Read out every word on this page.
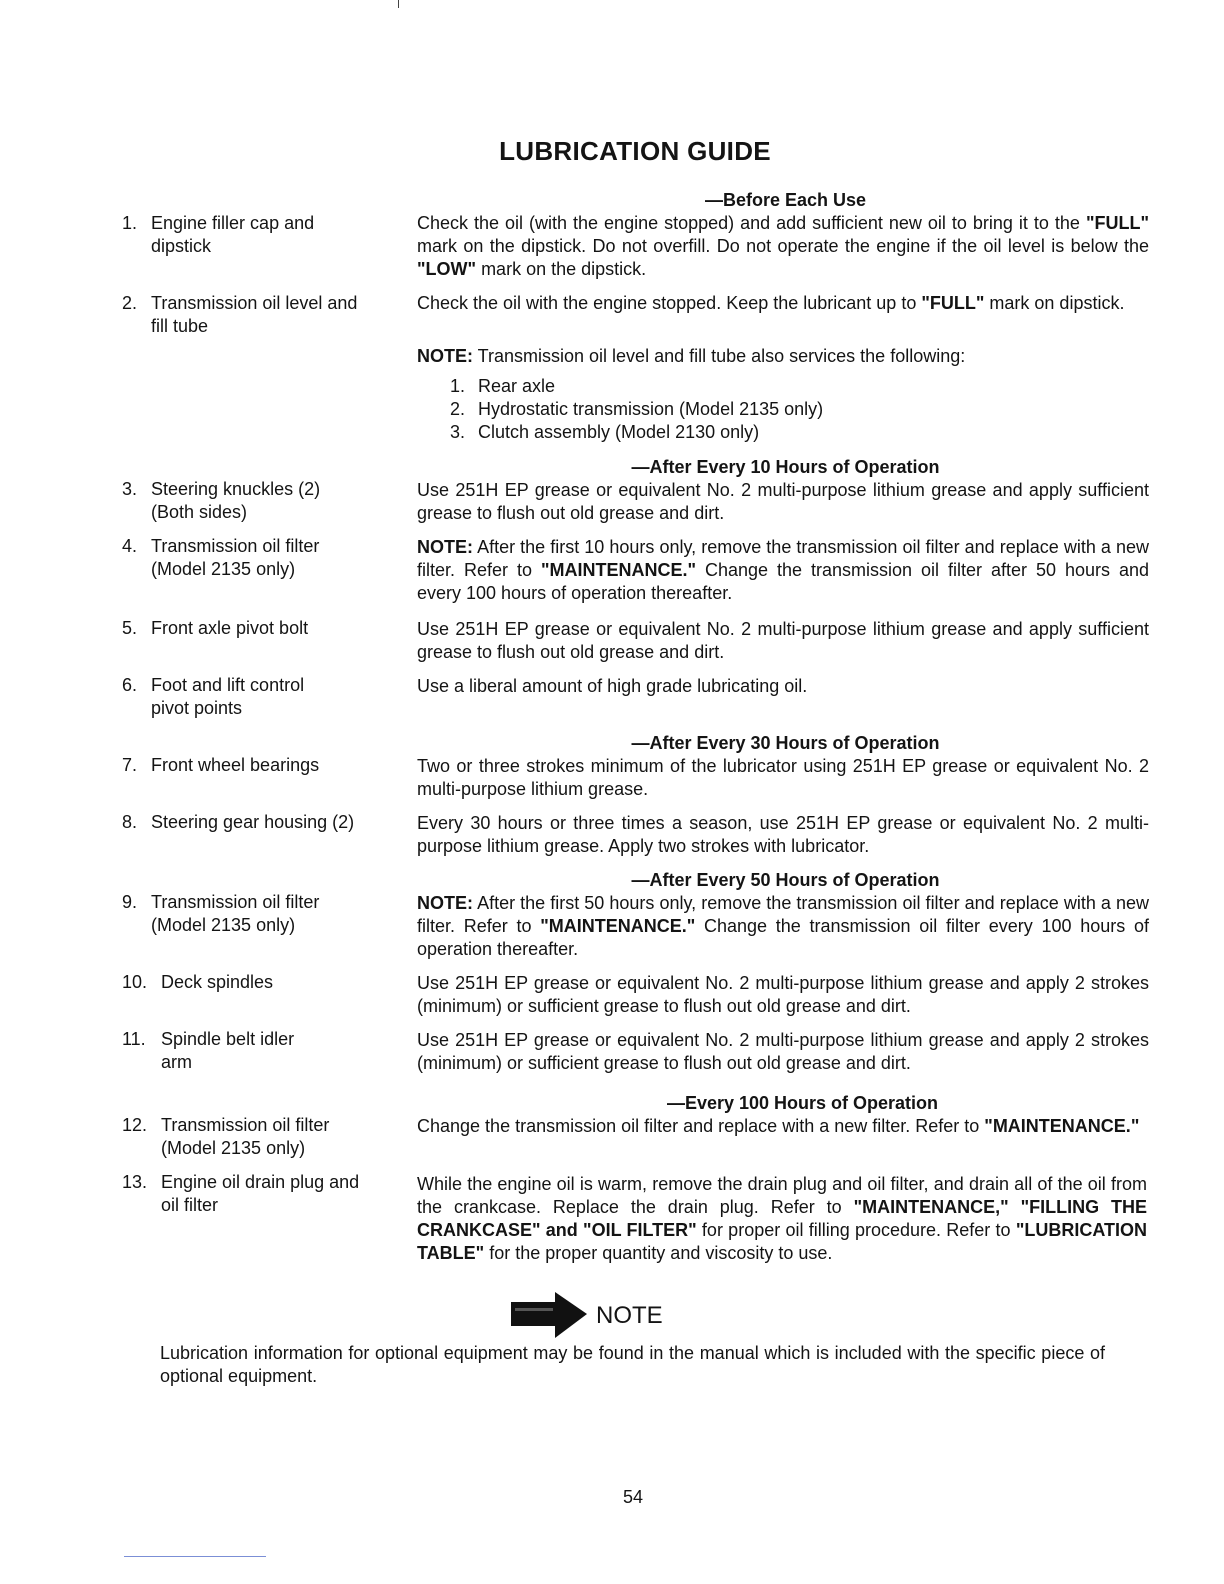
LUBRICATION GUIDE
—Before Each Use
—After Every 10 Hours of Operation
—After Every 30 Hours of Operation
—After Every 50 Hours of Operation
—Every 100 Hours of Operation
1. Engine filler cap and dipstick
2. Transmission oil level and fill tube
3. Steering knuckles (2) (Both sides)
4. Transmission oil filter (Model 2135 only)
5. Front axle pivot bolt
6. Foot and lift control pivot points
7. Front wheel bearings
8. Steering gear housing (2)
9. Transmission oil filter (Model 2135 only)
10. Deck spindles
11. Spindle belt idler arm
12. Transmission oil filter (Model 2135 only)
13. Engine oil drain plug and oil filter
Check the oil (with the engine stopped) and add sufficient new oil to bring it to the "FULL" mark on the dipstick. Do not overfill. Do not operate the engine if the oil level is below the "LOW" mark on the dipstick.
Check the oil with the engine stopped. Keep the lubricant up to "FULL" mark on dipstick.
NOTE: Transmission oil level and fill tube also services the following:
1. Rear axle
2. Hydrostatic transmission (Model 2135 only)
3. Clutch assembly (Model 2130 only)
Use 251H EP grease or equivalent No. 2 multi-purpose lithium grease and apply sufficient grease to flush out old grease and dirt.
NOTE: After the first 10 hours only, remove the transmission oil filter and replace with a new filter. Refer to "MAINTENANCE." Change the transmission oil filter after 50 hours and every 100 hours of operation thereafter.
Use 251H EP grease or equivalent No. 2 multi-purpose lithium grease and apply sufficient grease to flush out old grease and dirt.
Use a liberal amount of high grade lubricating oil.
Two or three strokes minimum of the lubricator using 251H EP grease or equivalent No. 2 multi-purpose lithium grease.
Every 30 hours or three times a season, use 251H EP grease or equivalent No. 2 multi-purpose lithium grease. Apply two strokes with lubricator.
NOTE: After the first 50 hours only, remove the transmission oil filter and replace with a new filter. Refer to "MAINTENANCE." Change the transmission oil filter every 100 hours of operation thereafter.
Use 251H EP grease or equivalent No. 2 multi-purpose lithium grease and apply 2 strokes (minimum) or sufficient grease to flush out old grease and dirt.
Use 251H EP grease or equivalent No. 2 multi-purpose lithium grease and apply 2 strokes (minimum) or sufficient grease to flush out old grease and dirt.
Change the transmission oil filter and replace with a new filter. Refer to "MAINTENANCE."
While the engine oil is warm, remove the drain plug and oil filter, and drain all of the oil from the crankcase. Replace the drain plug. Refer to "MAINTENANCE," "FILLING THE CRANKCASE" and "OIL FILTER" for proper oil filling procedure. Refer to "LUBRICATION TABLE" for the proper quantity and viscosity to use.
NOTE
Lubrication information for optional equipment may be found in the manual which is included with the specific piece of optional equipment.
54
